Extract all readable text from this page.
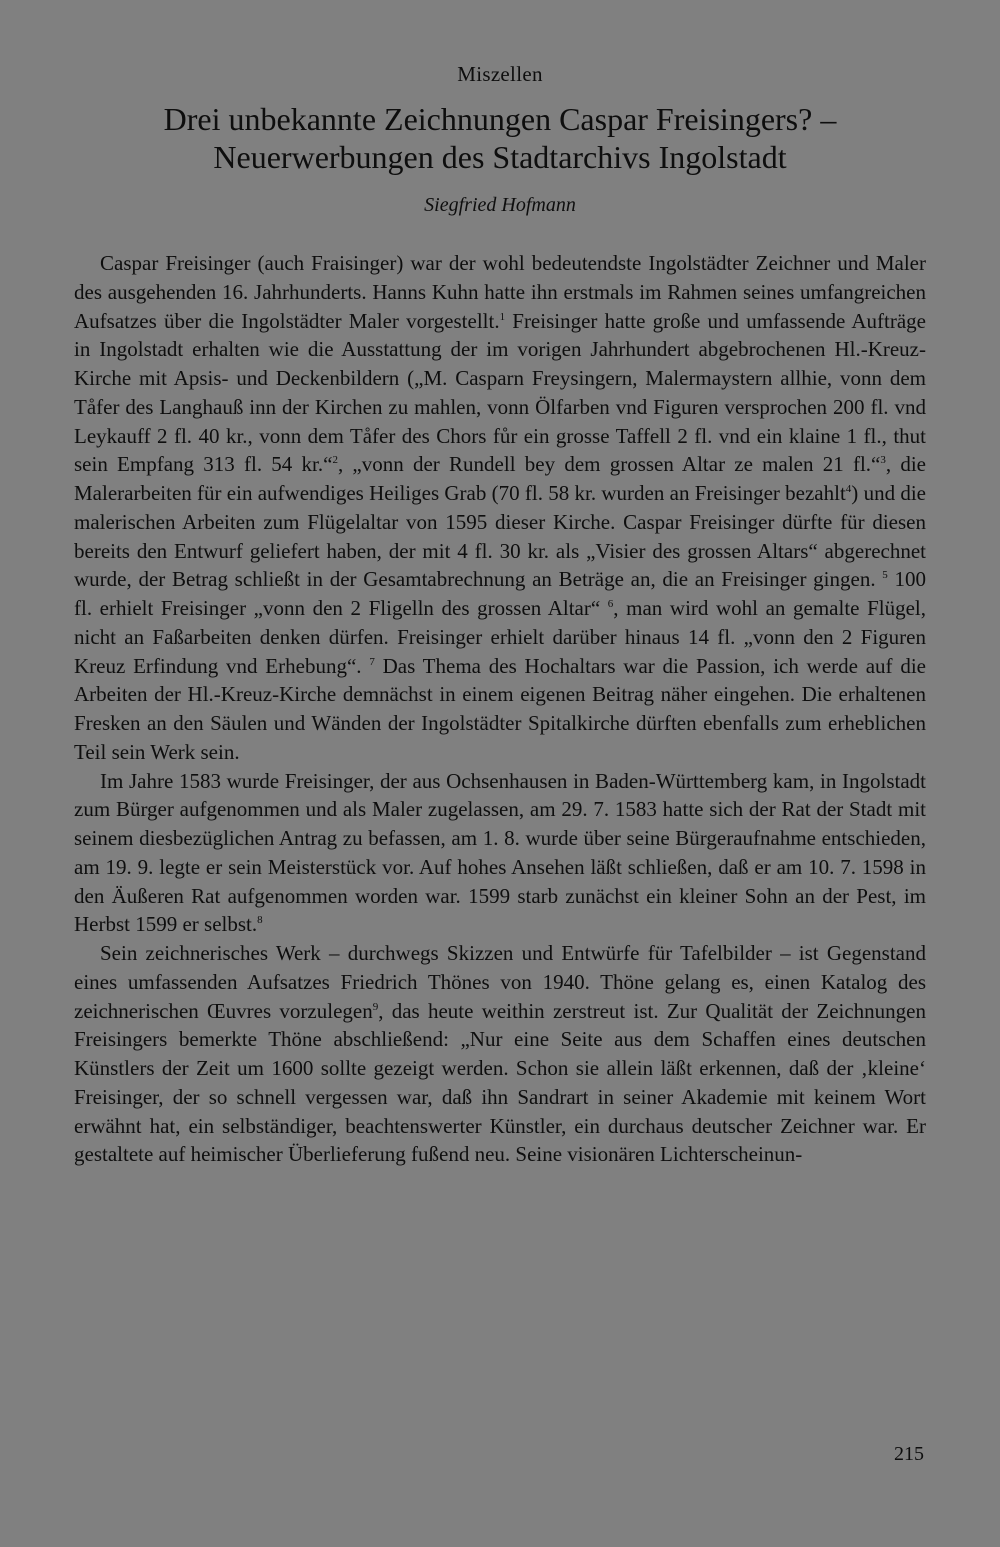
Miszellen

Drei unbekannte Zeichnungen Caspar Freisingers? –
Neuerwerbungen des Stadtarchivs Ingolstadt

Siegfried Hofmann

Caspar Freisinger (auch Fraisinger) war der wohl bedeutendste Ingolstädter Zeichner und Maler des ausgehenden 16. Jahrhunderts. Hanns Kuhn hatte ihn erstmals im Rahmen seines umfangreichen Aufsatzes über die Ingolstädter Maler vorgestellt.$^1$ Freisinger hatte große und umfassende Aufträge in Ingolstadt erhalten wie die Ausstattung der im vorigen Jahrhundert abgebrochenen Hl.-Kreuz-Kirche mit Apsis- und Deckenbildern („M. Casparn Freysingern, Malermaystern allhie, vonn dem Tåfer des Langhauß inn der Kirchen zu mahlen, vonn Ölfarben vnd Figuren versprochen 200 fl. vnd Leykauff 2 fl. 40 kr., vonn dem Tåfer des Chors fůr ein grosse Taffell 2 fl. vnd ein klaine 1 fl., thut sein Empfang 313 fl. 54 kr.“$^2$, „vonn der Rundell bey dem grossen Altar ze malen 21 fl.“$^3$, die Malerarbeiten für ein aufwendiges Heiliges Grab (70 fl. 58 kr. wurden an Freisinger bezahlt$^4$) und die malerischen Arbeiten zum Flügelaltar von 1595 dieser Kirche. Caspar Freisinger dürfte für diesen bereits den Entwurf geliefert haben, der mit 4 fl. 30 kr. als „Visier des grossen Altars“ abgerechnet wurde, der Betrag schließt in der Gesamtabrechnung an Beträge an, die an Freisinger gingen. $^5$ 100 fl. erhielt Freisinger „vonn den 2 Fligelln des grossen Altar“ $^6$, man wird wohl an gemalte Flügel, nicht an Faßarbeiten denken dürfen. Freisinger erhielt darüber hinaus 14 fl. „vonn den 2 Figuren Kreuz Erfindung vnd Erhebung“. $^7$ Das Thema des Hochaltars war die Passion, ich werde auf die Arbeiten der Hl.-Kreuz-Kirche demnächst in einem eigenen Beitrag näher eingehen. Die erhaltenen Fresken an den Säulen und Wänden der Ingolstädter Spitalkirche dürften ebenfalls zum erheblichen Teil sein Werk sein.

Im Jahre 1583 wurde Freisinger, der aus Ochsenhausen in Baden-Württemberg kam, in Ingolstadt zum Bürger aufgenommen und als Maler zugelassen, am 29. 7. 1583 hatte sich der Rat der Stadt mit seinem diesbezüglichen Antrag zu befassen, am 1. 8. wurde über seine Bürgeraufnahme entschieden, am 19. 9. legte er sein Meisterstück vor. Auf hohes Ansehen läßt schließen, daß er am 10. 7. 1598 in den Äußeren Rat aufgenommen worden war. 1599 starb zunächst ein kleiner Sohn an der Pest, im Herbst 1599 er selbst.$^8$

Sein zeichnerisches Werk – durchwegs Skizzen und Entwürfe für Tafelbilder – ist Gegenstand eines umfassenden Aufsatzes Friedrich Thönes von 1940. Thöne gelang es, einen Katalog des zeichnerischen Œuvres vorzulegen$^9$, das heute weithin zerstreut ist. Zur Qualität der Zeichnungen Freisingers bemerkte Thöne abschließend: „Nur eine Seite aus dem Schaffen eines deutschen Künstlers der Zeit um 1600 sollte gezeigt werden. Schon sie allein läßt erkennen, daß der ‚kleine‘ Freisinger, der so schnell vergessen war, daß ihn Sandrart in seiner Akademie mit keinem Wort erwähnt hat, ein selbständiger, beachtenswerter Künstler, ein durchaus deutscher Zeichner war. Er gestaltete auf heimischer Überlieferung fußend neu. Seine visionären Lichterscheinun-

215
